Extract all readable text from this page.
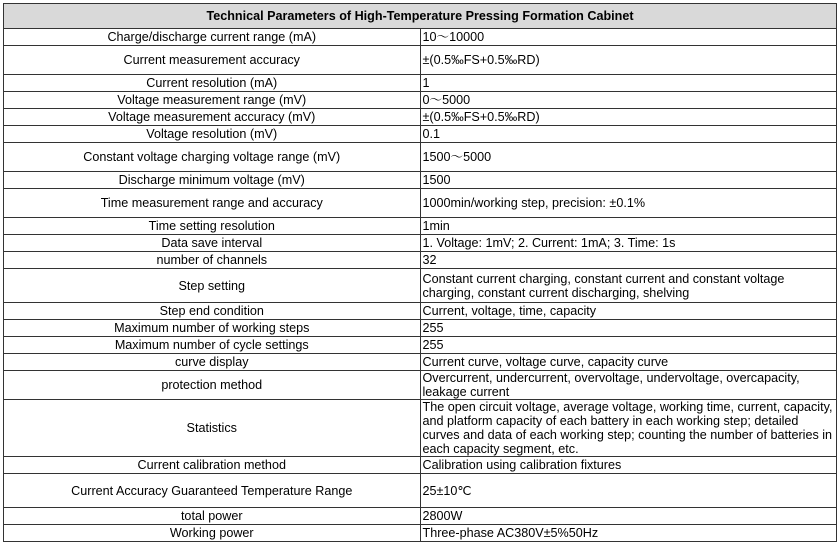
Technical Parameters of High-Temperature Pressing Formation Cabinet	
Charge/discharge current range (mA)	10～10000
Current measurement accuracy	±(0.5‰FS+0.5‰RD)
Current resolution (mA)	1
Voltage measurement range (mV)	0～5000
Voltage measurement accuracy (mV)	±(0.5‰FS+0.5‰RD)
Voltage resolution (mV)	0.1
Constant voltage charging voltage range (mV)	1500～5000
Discharge minimum voltage (mV)	1500
Time measurement range and accuracy	1000min/working step, precision: ±0.1%
Time setting resolution	1min
Data save interval	1. Voltage: 1mV; 2. Current: 1mA; 3. Time: 1s
number of channels	32
Step setting	Constant current charging, constant current and constant voltage charging, constant current discharging, shelving
Step end condition	Current, voltage, time, capacity
Maximum number of working steps	255
Maximum number of cycle settings	255
curve display	Current curve, voltage curve, capacity curve
protection method	Overcurrent, undercurrent, overvoltage, undervoltage, overcapacity, leakage current
Statistics	The open circuit voltage, average voltage, working time, current, capacity, and platform capacity of each battery in each working step; detailed curves and data of each working step; counting the number of batteries in each capacity segment, etc.
Current calibration method	Calibration using calibration fixtures
Current Accuracy Guaranteed Temperature Range	25±10℃
total power	2800W
Working power	Three-phase AC380V±5%50Hz
